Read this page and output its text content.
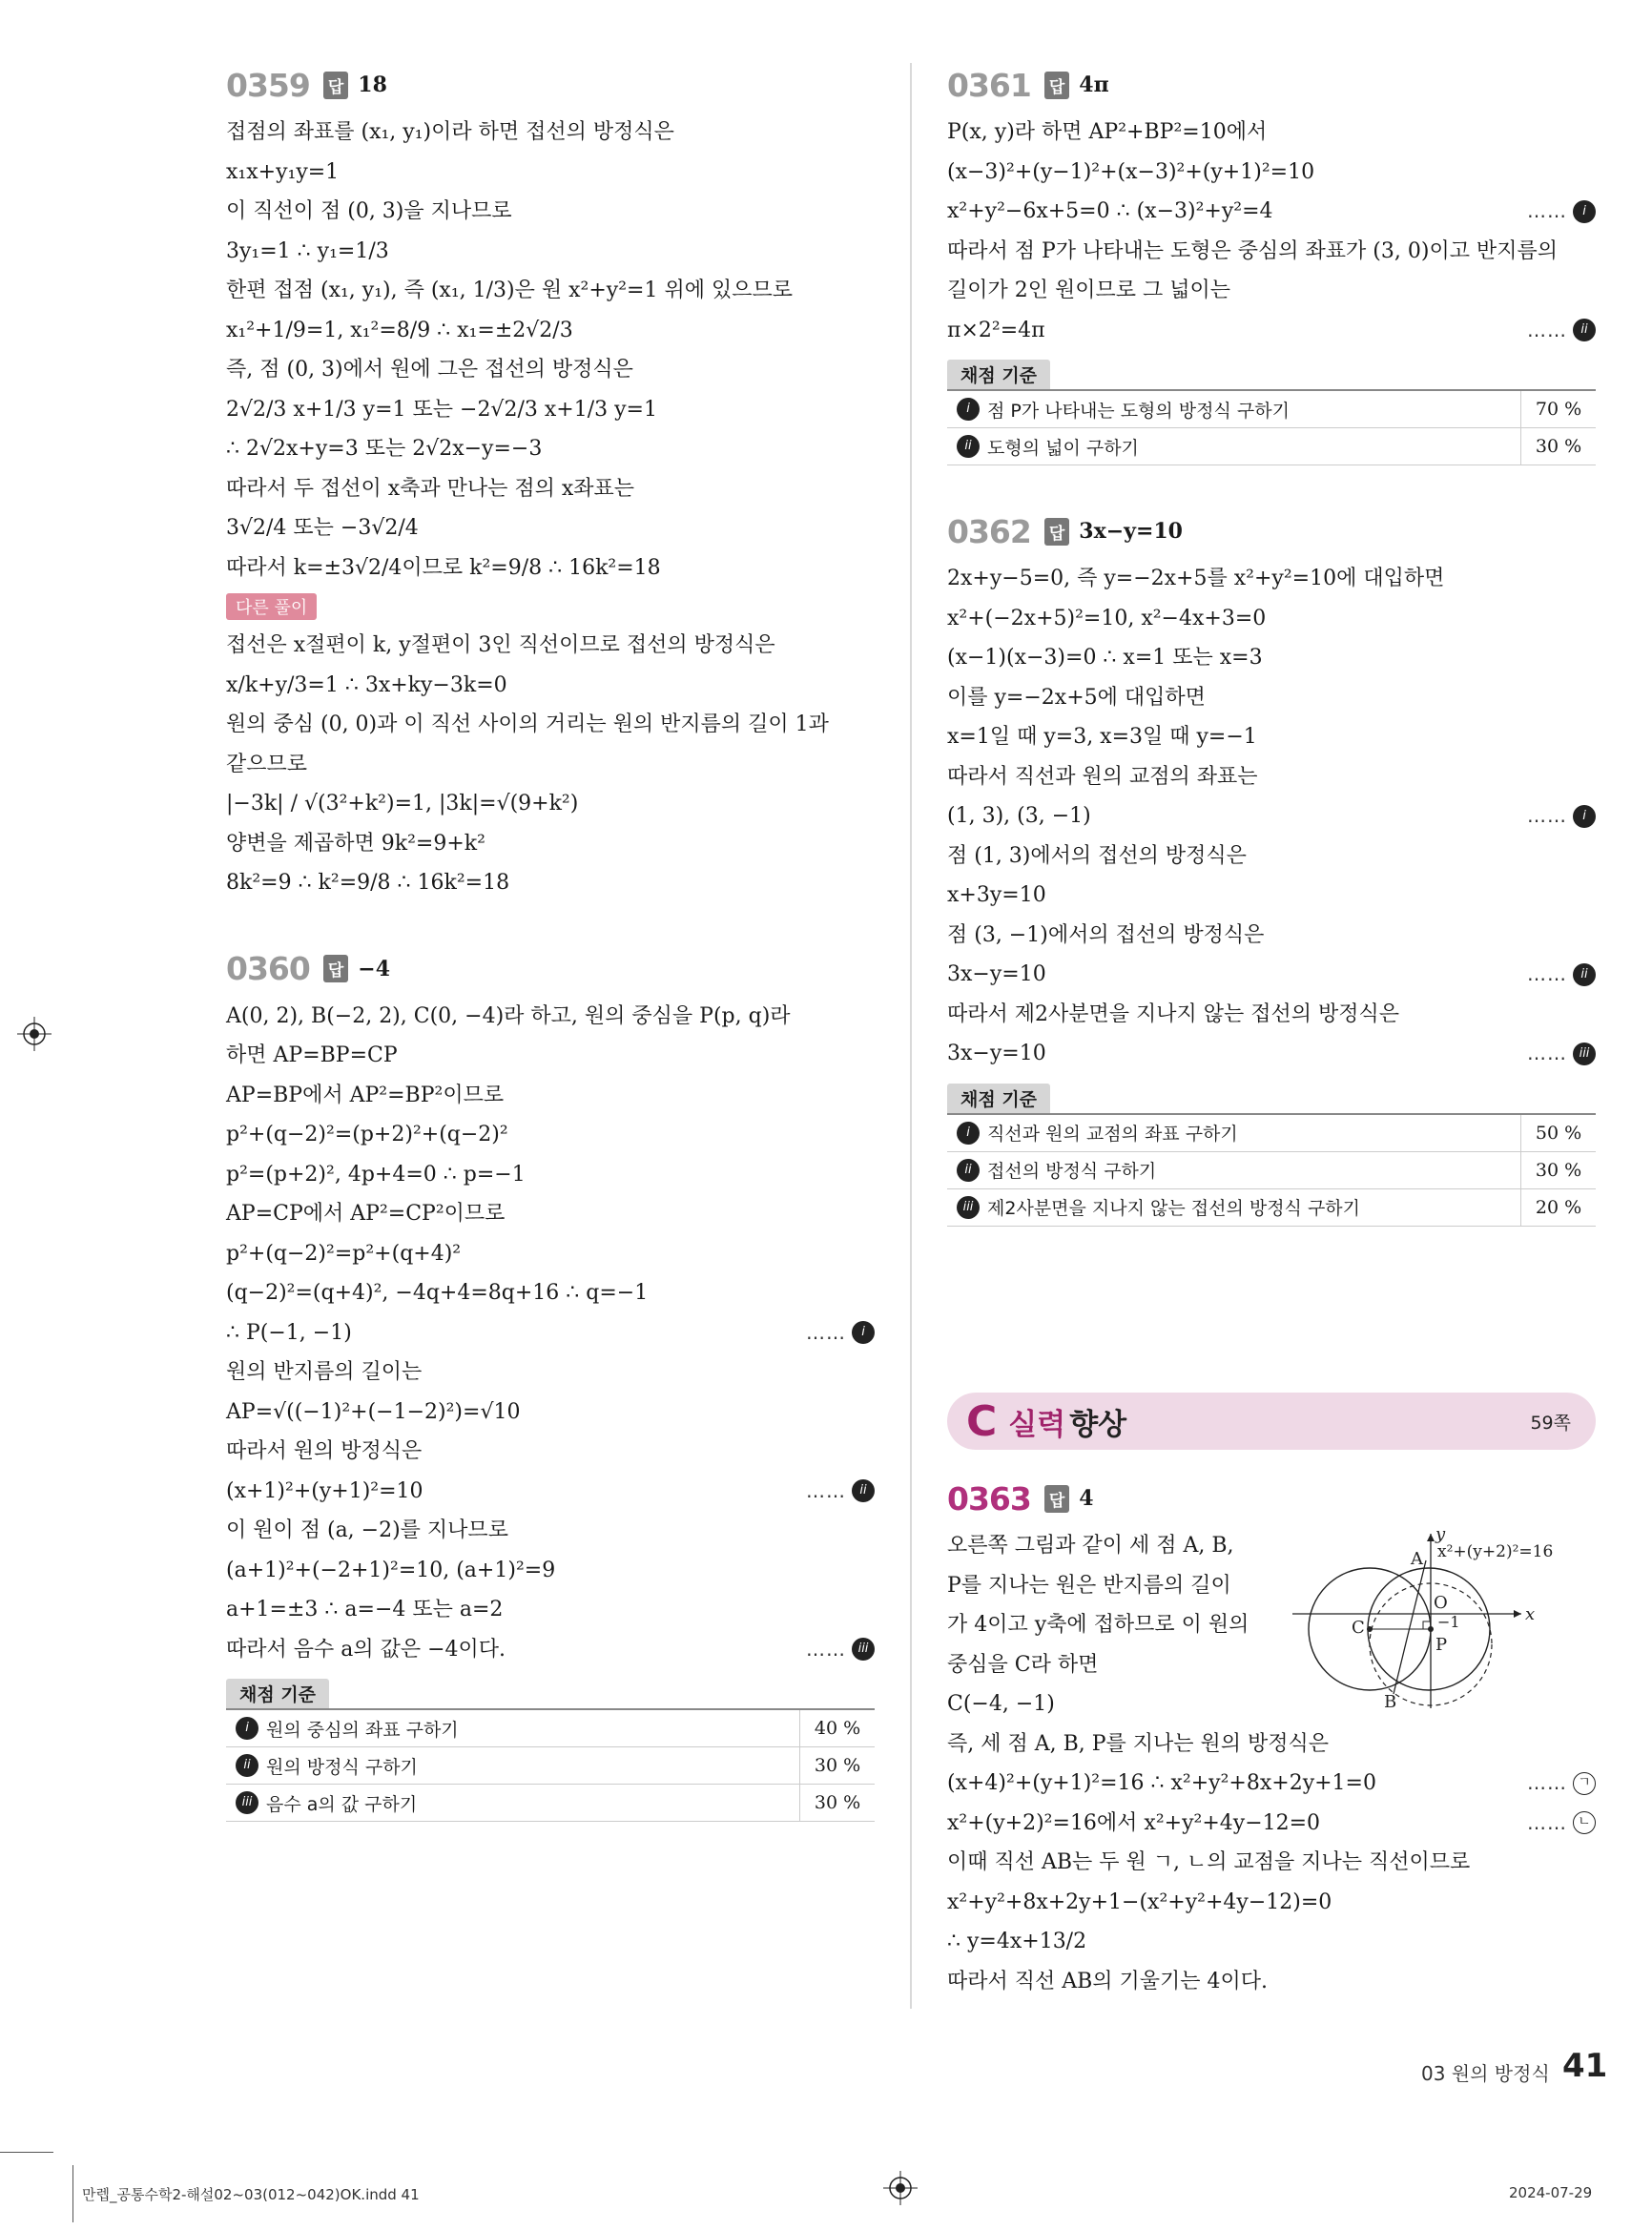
0359 답 18
접점의 좌표를 (x₁, y₁)이라 하면 접선의 방정식은
x₁x+y₁y=1
이 직선이 점 (0, 3)을 지나므로
3y₁=1 ∴ y₁=1/3
한편 접점 (x₁, y₁), 즉 (x₁, 1/3)은 원 x²+y²=1 위에 있으므로
x₁²+1/9=1, x₁²=8/9 ∴ x₁=±2√2/3
즉, 점 (0, 3)에서 원에 그은 접선의 방정식은
2√2/3 x+1/3 y=1 또는 −2√2/3 x+1/3 y=1
∴ 2√2x+y=3 또는 2√2x−y=−3
따라서 두 접선이 x축과 만나는 점의 x좌표는
3√2/4 또는 −3√2/4
따라서 k=±3√2/4이므로 k²=9/8 ∴ 16k²=18
다른 풀이
접선은 x절편이 k, y절편이 3인 직선이므로 접선의 방정식은
x/k+y/3=1 ∴ 3x+ky−3k=0
원의 중심 (0, 0)과 이 직선 사이의 거리는 원의 반지름의 길이 1과
같으므로
|−3k| / √(3²+k²)=1, |3k|=√(9+k²)
양변을 제곱하면 9k²=9+k²
8k²=9 ∴ k²=9/8 ∴ 16k²=18
0360 답 −4
A(0, 2), B(−2, 2), C(0, −4)라 하고, 원의 중심을 P(p, q)라
하면 AP=BP=CP
AP=BP에서 AP²=BP²이므로
p²+(q−2)²=(p+2)²+(q−2)²
p²=(p+2)², 4p+4=0 ∴ p=−1
AP=CP에서 AP²=CP²이므로
p²+(q−2)²=p²+(q+4)²
(q−2)²=(q+4)², −4q+4=8q+16 ∴ q=−1
∴ P(−1, −1)	……	i
원의 반지름의 길이는
AP=√((−1)²+(−1−2)²)=√10
따라서 원의 방정식은
(x+1)²+(y+1)²=10	……	ii
이 원이 점 (a, −2)를 지나므로
(a+1)²+(−2+1)²=10, (a+1)²=9
a+1=±3 ∴ a=−4 또는 a=2
따라서 음수 a의 값은 −4이다.	…… iii
채점 기준
i 원의 중심의 좌표 구하기	40 %
ii 원의 방정식 구하기	30 %
iii 음수 a의 값 구하기	30 %
0361 답 4π
P(x, y)라 하면 AP²+BP²=10에서
(x−3)²+(y−1)²+(x−3)²+(y+1)²=10
x²+y²−6x+5=0 ∴ (x−3)²+y²=4	……	i
따라서 점 P가 나타내는 도형은 중심의 좌표가 (3, 0)이고 반지름의
길이가 2인 원이므로 그 넓이는
π×2²=4π	……	ii
채점 기준
i 점 P가 나타내는 도형의 방정식 구하기	70 %
ii 도형의 넓이 구하기	30 %
0362 답 3x−y=10
2x+y−5=0, 즉 y=−2x+5를 x²+y²=10에 대입하면
x²+(−2x+5)²=10, x²−4x+3=0
(x−1)(x−3)=0 ∴ x=1 또는 x=3
이를 y=−2x+5에 대입하면
x=1일 때 y=3, x=3일 때 y=−1
따라서 직선과 원의 교점의 좌표는
(1, 3), (3, −1)	……	i
점 (1, 3)에서의 접선의 방정식은
x+3y=10
점 (3, −1)에서의 접선의 방정식은
3x−y=10	……	ii
따라서 제2사분면을 지나지 않는 접선의 방정식은
3x−y=10	…… iii
채점 기준
i 직선과 원의 교점의 좌표 구하기	50 %
ii 접선의 방정식 구하기	30 %
iii 제2사분면을 지나지 않는 접선의 방정식 구하기	20 %
C 실력 향상	59쪽
0363 답 4
오른쪽 그림과 같이 세 점 A, B,
P를 지나는 원은 반지름의 길이
가 4이고 y축에 접하므로 이 원의
중심을 C라 하면
C(−4, −1)
즉, 세 점 A, B, P를 지나는 원의 방정식은
(x+4)²+(y+1)²=16 ∴ x²+y²+8x+2y+1=0	…… ㄱ
x²+(y+2)²=16에서 x²+y²+4y−12=0	…… ㄴ
이때 직선 AB는 두 원 ㄱ, ㄴ의 교점을 지나는 직선이므로
x²+y²+8x+2y+1−(x²+y²+4y−12)=0
∴ y=4x+13/2
따라서 직선 AB의 기울기는 4이다.
y
x
A
O
C	−1
P
B
x²+(y+2)²=16
03 원의 방정식 41
만렙_공통수학2-해설02~03(012~042)OK.indd 41	2024-07-29
